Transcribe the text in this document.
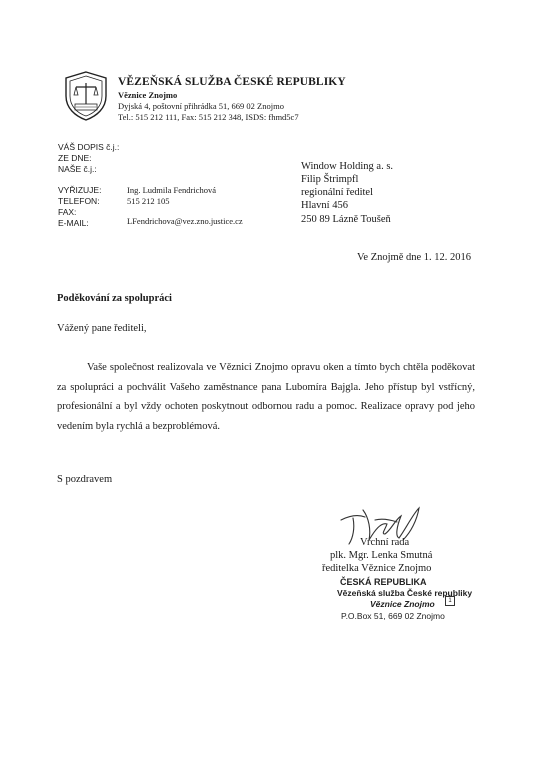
VĚZEŇSKÁ SLUŽBA ČESKÉ REPUBLIKY
Věznice Znojmo
Dyjská 4, poštovní přihrádka 51, 669 02 Znojmo
Tel.: 515 212 111, Fax: 515 212 348, ISDS: fhmd5c7
VÁŠ DOPIS č.j.:
ZE DNE:
NAŠE č.j.:
VYŘIZUJE:	Ing. Ludmila Fendrichová
TELEFON:	515 212 105
FAX:
E-MAIL:	LFendrichova@vez.zno.justice.cz
Window Holding a. s.
Filip Štrimpfl
regionální ředitel
Hlavní 456
250 89 Lázně Toušeň
Ve Znojmě dne 1. 12. 2016
Poděkování za spolupráci
Vážený pane řediteli,

Vaše společnost realizovala ve Věznici Znojmo opravu oken a tímto bych chtěla poděkovat za spolupráci a pochválit Vašeho zaměstnance pana Lubomíra Bajgla. Jeho přístup byl vstřícný, profesionální a byl vždy ochoten poskytnout odbornou radu a pomoc. Realizace opravy pod jeho vedením byla rychlá a bezproblémová.

S pozdravem
Vrchní rada
plk. Mgr. Lenka Smutná
ředitelka Věznice Znojmo
ČESKÁ REPUBLIKA
Vězeňská služba České republiky
Věznice Znojmo
P.O.Box 51, 669 02 Znojmo
1
